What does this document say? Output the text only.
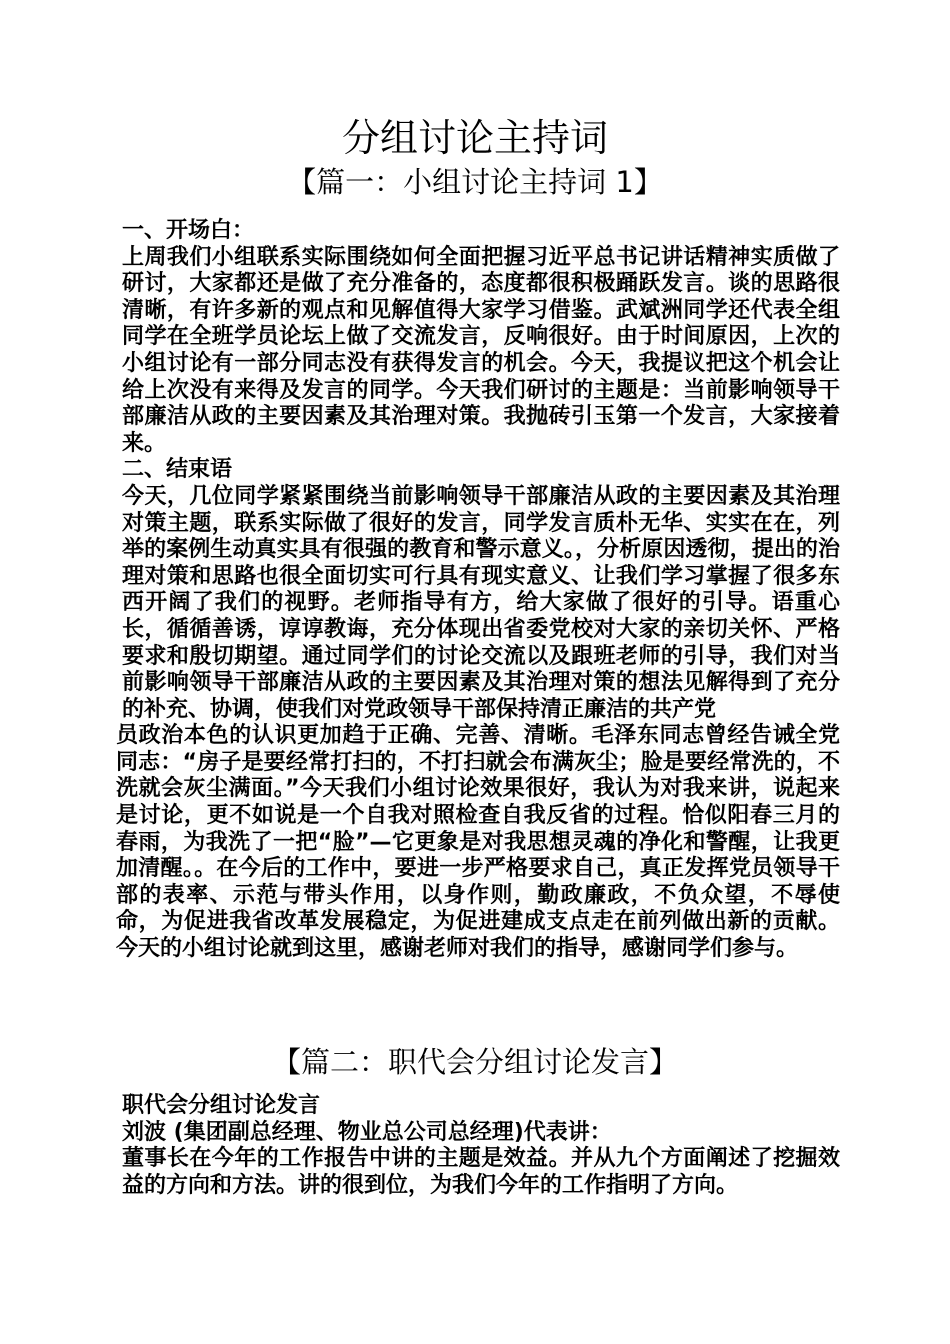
分组讨论主持词
【篇一：小组讨论主持词 1】

一、开场白：

上周我们小组联系实际围绕如何全面把握习近平总书记讲话精神实质做了研讨，大家都还是做了充分准备的，态度都很积极踊跃发言。谈的思路很清晰，有许多新的观点和见解值得大家学习借鉴。武斌洲同学还代表全组同学在全班学员论坛上做了交流发言，反响很好。由于时间原因，上次的小组讨论有一部分同志没有获得发言的机会。今天，我提议把这个机会让给上次没有来得及发言的同学。今天我们研讨的主题是：当前影响领导干部廉洁从政的主要因素及其治理对策。我抛砖引玉第一个发言，大家接着来。

二、结束语

今天，几位同学紧紧围绕当前影响领导干部廉洁从政的主要因素及其治理对策主题，联系实际做了很好的发言，同学发言质朴无华、实实在在，列举的案例生动真实具有很强的教育和警示意义。，分析原因透彻，提出的治理对策和思路也很全面切实可行具有现实意义、让我们学习掌握了很多东西开阔了我们的视野。老师指导有方，给大家做了很好的引导。语重心长，循循善诱，谆谆教诲，充分体现出省委党校对大家的亲切关怀、严格要求和殷切期望。通过同学们的讨论交流以及跟班老师的引导，我们对当前影响领导干部廉洁从政的主要因素及其治理对策的想法见解得到了充分的补充、协调，使我们对党政领导干部保持清正廉洁的共产党

员政治本色的认识更加趋于正确、完善、清晰。毛泽东同志曾经告诫全党同志：“房子是要经常打扫的，不打扫就会布满灰尘；脸是要经常洗的，不洗就会灰尘满面。”今天我们小组讨论效果很好，我认为对我来讲，说起来是讨论，更不如说是一个自我对照检查自我反省的过程。恰似阳春三月的春雨，为我洗了一把“脸”—它更象是对我思想灵魂的净化和警醒，让我更加清醒。。在今后的工作中，要进一步严格要求自己，真正发挥党员领导干部的表率、示范与带头作用，以身作则，勤政廉政，不负众望，不辱使命，为促进我省改革发展稳定，为促进建成支点走在前列做出新的贡献。今天的小组讨论就到这里，感谢老师对我们的指导，感谢同学们参与。

【篇二：职代会分组讨论发言】

职代会分组讨论发言

刘波 (集团副总经理、物业总公司总经理)代表讲：

董事长在今年的工作报告中讲的主题是效益。并从九个方面阐述了挖掘效益的方向和方法。讲的很到位，为我们今年的工作指明了方向。
